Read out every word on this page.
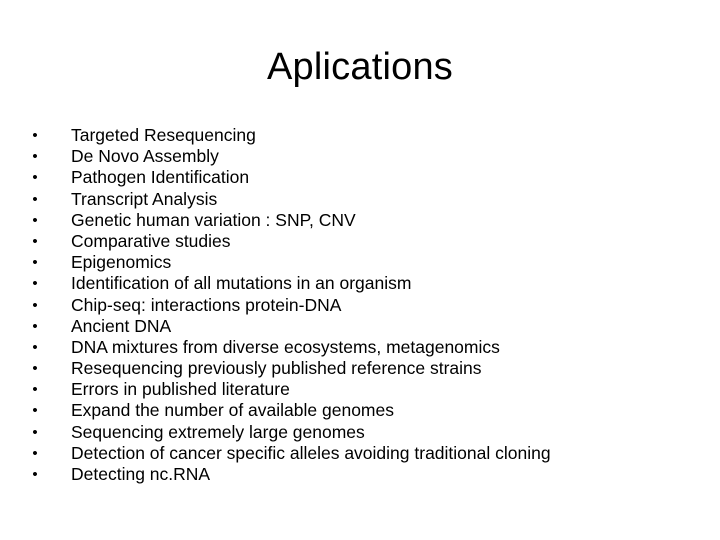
Aplications
• Targeted Resequencing
• De Novo Assembly
• Pathogen Identification
• Transcript Analysis
• Genetic human variation : SNP, CNV
• Comparative studies
• Epigenomics
• Identification of all mutations in an organism
• Chip-seq: interactions protein-DNA
• Ancient DNA
• DNA mixtures from diverse ecosystems, metagenomics
• Resequencing previously published reference strains
• Errors in published literature
• Expand the number of available genomes
• Sequencing extremely large genomes
• Detection of cancer specific alleles avoiding traditional cloning
• Detecting nc.RNA
